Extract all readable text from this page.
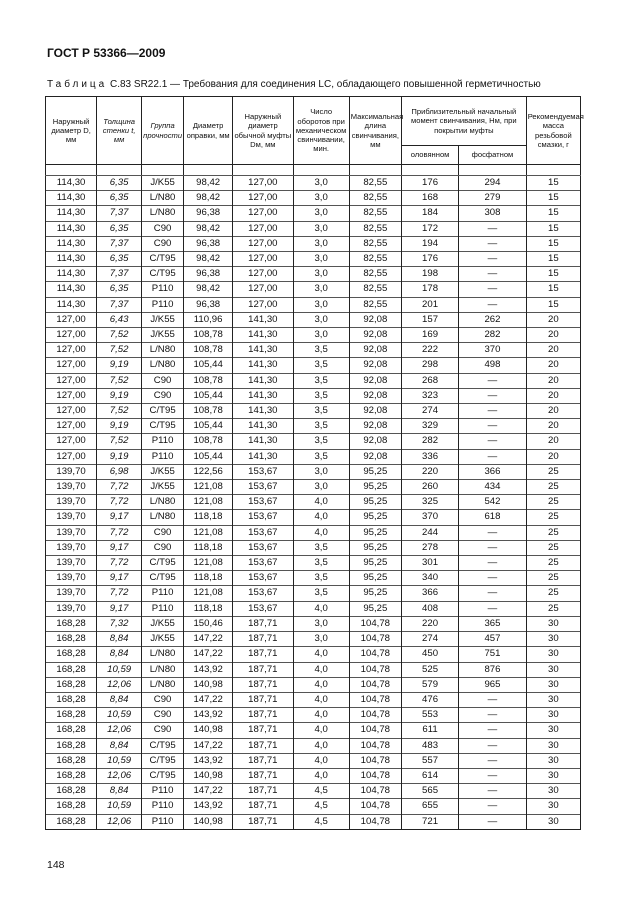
ГОСТ Р 53366—2009
Таблица C.83 SR22.1 — Требования для соединения LC, обладающего повышенной герметичностью
Наружный диаметр D, мм	Толщина стенки t, мм	Группа прочности	Диаметр оправки, мм	Наружный диаметр обычной муфты Dм, мм	Число оборотов при механическом свинчивании, мин.	Максимальная длина свинчивания, мм	Приблизительный начальный момент свинчивания, Нм, при покрытии муфты		Рекомендуемая масса резьбовой смазки, г
							оловянном	фосфатном	

114,30	6,35	J/K55	98,42	127,00	3,0	82,55	176	294	15
114,30	6,35	L/N80	98,42	127,00	3,0	82,55	168	279	15
114,30	7,37	L/N80	96,38	127,00	3,0	82,55	184	308	15
114,30	6,35	C90	98,42	127,00	3,0	82,55	172	—	15
114,30	7,37	C90	96,38	127,00	3,0	82,55	194	—	15
114,30	6,35	C/T95	98,42	127,00	3,0	82,55	176	—	15
114,30	7,37	C/T95	96,38	127,00	3,0	82,55	198	—	15
114,30	6,35	P110	98,42	127,00	3,0	82,55	178	—	15
114,30	7,37	P110	96,38	127,00	3,0	82,55	201	—	15
127,00	6,43	J/K55	110,96	141,30	3,0	92,08	157	262	20
127,00	7,52	J/K55	108,78	141,30	3,0	92,08	169	282	20
127,00	7,52	L/N80	108,78	141,30	3,5	92,08	222	370	20
127,00	9,19	L/N80	105,44	141,30	3,5	92,08	298	498	20
127,00	7,52	C90	108,78	141,30	3,5	92,08	268	—	20
127,00	9,19	C90	105,44	141,30	3,5	92,08	323	—	20
127,00	7,52	C/T95	108,78	141,30	3,5	92,08	274	—	20
127,00	9,19	C/T95	105,44	141,30	3,5	92,08	329	—	20
127,00	7,52	P110	108,78	141,30	3,5	92,08	282	—	20
127,00	9,19	P110	105,44	141,30	3,5	92,08	336	—	20
139,70	6,98	J/K55	122,56	153,67	3,0	95,25	220	366	25
139,70	7,72	J/K55	121,08	153,67	3,0	95,25	260	434	25
139,70	7,72	L/N80	121,08	153,67	4,0	95,25	325	542	25
139,70	9,17	L/N80	118,18	153,67	4,0	95,25	370	618	25
139,70	7,72	C90	121,08	153,67	4,0	95,25	244	—	25
139,70	9,17	C90	118,18	153,67	3,5	95,25	278	—	25
139,70	7,72	C/T95	121,08	153,67	3,5	95,25	301	—	25
139,70	9,17	C/T95	118,18	153,67	3,5	95,25	340	—	25
139,70	7,72	P110	121,08	153,67	3,5	95,25	366	—	25
139,70	9,17	P110	118,18	153,67	4,0	95,25	408	—	25
168,28	7,32	J/K55	150,46	187,71	3,0	104,78	220	365	30
168,28	8,84	J/K55	147,22	187,71	3,0	104,78	274	457	30
168,28	8,84	L/N80	147,22	187,71	4,0	104,78	450	751	30
168,28	10,59	L/N80	143,92	187,71	4,0	104,78	525	876	30
168,28	12,06	L/N80	140,98	187,71	4,0	104,78	579	965	30
168,28	8,84	C90	147,22	187,71	4,0	104,78	476	—	30
168,28	10,59	C90	143,92	187,71	4,0	104,78	553	—	30
168,28	12,06	C90	140,98	187,71	4,0	104,78	611	—	30
168,28	8,84	C/T95	147,22	187,71	4,0	104,78	483	—	30
168,28	10,59	C/T95	143,92	187,71	4,0	104,78	557	—	30
168,28	12,06	C/T95	140,98	187,71	4,0	104,78	614	—	30
168,28	8,84	P110	147,22	187,71	4,5	104,78	565	—	30
168,28	10,59	P110	143,92	187,71	4,5	104,78	655	—	30
168,28	12,06	P110	140,98	187,71	4,5	104,78	721	—	30
148
